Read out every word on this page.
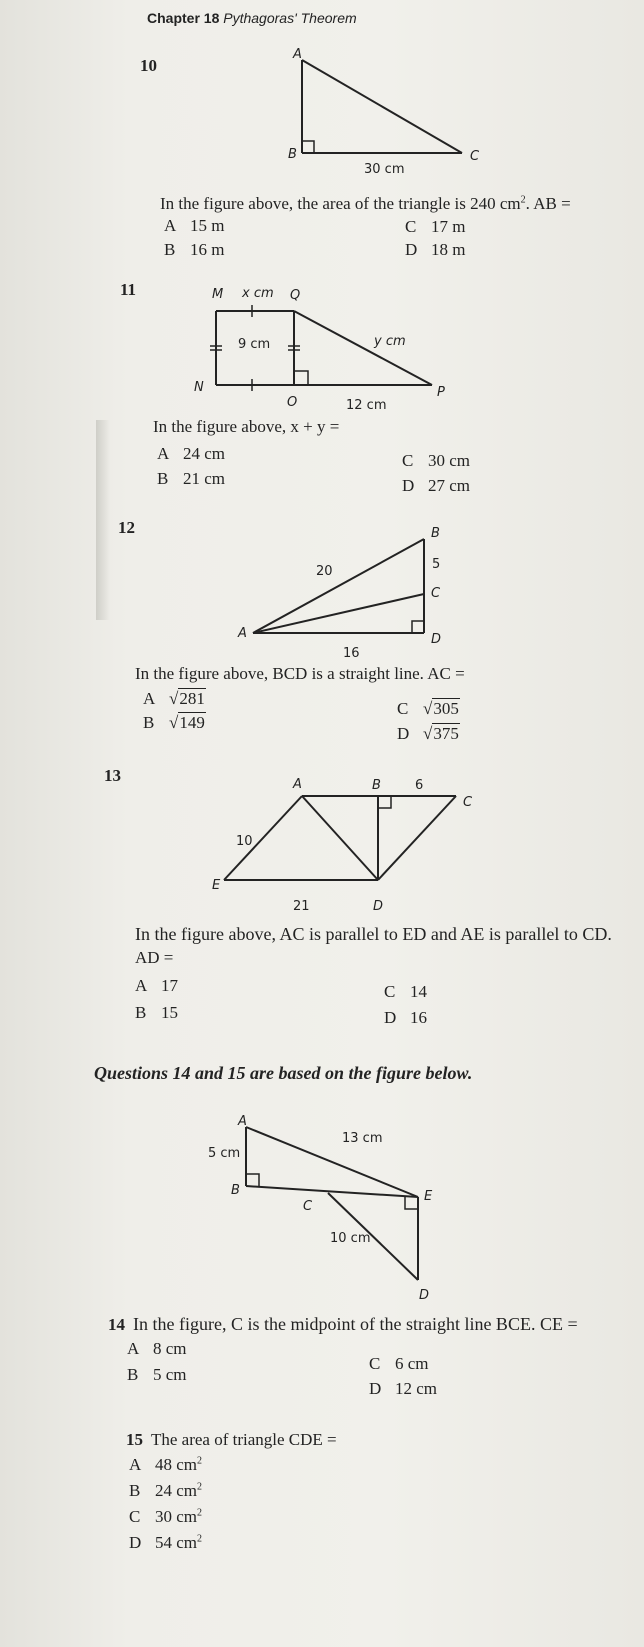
Chapter 18 Pythagoras' Theorem
10
A
B	C
30 cm
In the figure above, the area of the triangle is 240 $cm^2$. AB =
A 15 m
B 16 m
C 17 m
D 18 m
11	M x cm Q
9 cm	y cm
N
O	12 cm
P
In the figure above, x + y =
A 24 cm
B 21 cm
C 30 cm
D 27 cm
12	B
20	5
C
A	D
16
In the figure above, BCD is a straight line. AC =
A √281
B √149
C √305
D √375
13	A	B	6
C
10
E
21	D
In the figure above, AC is parallel to ED and AE is parallel to CD.
AD =
A 17
B 15
C 14
D 16
Questions 14 and 15 are based on the figure below.
A
5 cm
13 cm
B
C
E
10 cm
D
14 In the figure, C is the midpoint of the straight line BCE. CE =
A 8 cm
B 5 cm
C 6 cm
D 12 cm
15 The area of triangle CDE =
A 48 $cm^2$
B 24 $cm^2$
C 30 $cm^2$
D 54 $cm^2$
